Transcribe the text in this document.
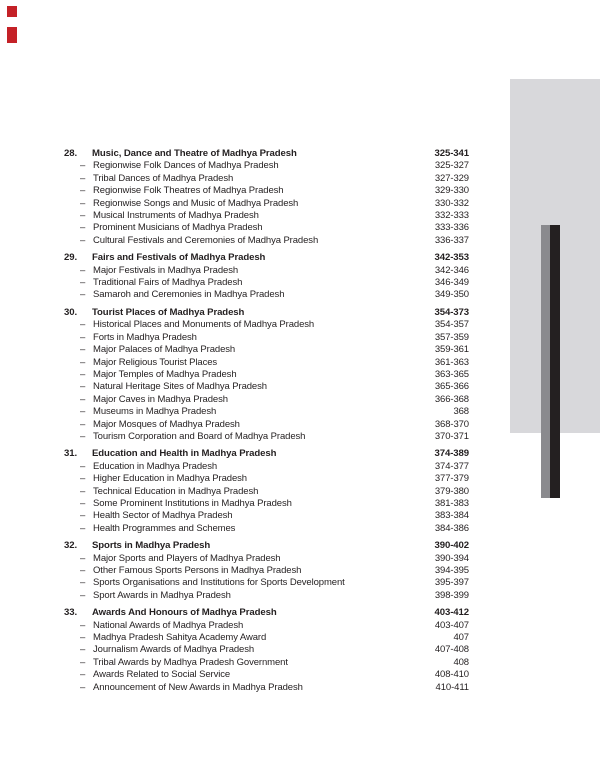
28.	Music, Dance and Theatre of Madhya Pradesh	325-341
– Regionwise Folk Dances of Madhya Pradesh	325-327
– Tribal Dances of Madhya Pradesh	327-329
– Regionwise Folk Theatres of Madhya Pradesh	329-330
– Regionwise Songs and Music of Madhya Pradesh	330-332
– Musical Instruments of Madhya Pradesh	332-333
– Prominent Musicians of Madhya Pradesh	333-336
– Cultural Festivals and Ceremonies of Madhya Pradesh	336-337
29.	Fairs and Festivals of Madhya Pradesh	342-353
– Major Festivals in Madhya Pradesh	342-346
– Traditional Fairs of Madhya Pradesh	346-349
– Samaroh and Ceremonies in Madhya Pradesh	349-350
30.	Tourist Places of Madhya Pradesh	354-373
– Historical Places and Monuments of Madhya Pradesh	354-357
– Forts in Madhya Pradesh	357-359
– Major Palaces of Madhya Pradesh	359-361
– Major Religious Tourist Places	361-363
– Major Temples of Madhya Pradesh	363-365
– Natural Heritage Sites of Madhya Pradesh	365-366
– Major Caves in Madhya Pradesh	366-368
– Museums in Madhya Pradesh	368
– Major Mosques of Madhya Pradesh	368-370
– Tourism Corporation and Board of Madhya Pradesh	370-371
31.	Education and Health in Madhya Pradesh	374-389
– Education in Madhya Pradesh	374-377
– Higher Education in Madhya Pradesh	377-379
– Technical Education in Madhya Pradesh	379-380
– Some Prominent Institutions in Madhya Pradesh	381-383
– Health Sector of Madhya Pradesh	383-384
– Health Programmes and Schemes	384-386
32.	Sports in Madhya Pradesh	390-402
– Major Sports and Players of Madhya Pradesh	390-394
– Other Famous Sports Persons in Madhya Pradesh	394-395
– Sports Organisations and Institutions for Sports Development	395-397
– Sport Awards in Madhya Pradesh	398-399
33.	Awards And Honours of Madhya Pradesh	403-412
– National Awards of Madhya Pradesh	403-407
– Madhya Pradesh Sahitya Academy Award	407
– Journalism Awards of Madhya Pradesh	407-408
– Tribal Awards by Madhya Pradesh Government	408
– Awards Related to Social Service	408-410
– Announcement of New Awards in Madhya Pradesh	410-411
